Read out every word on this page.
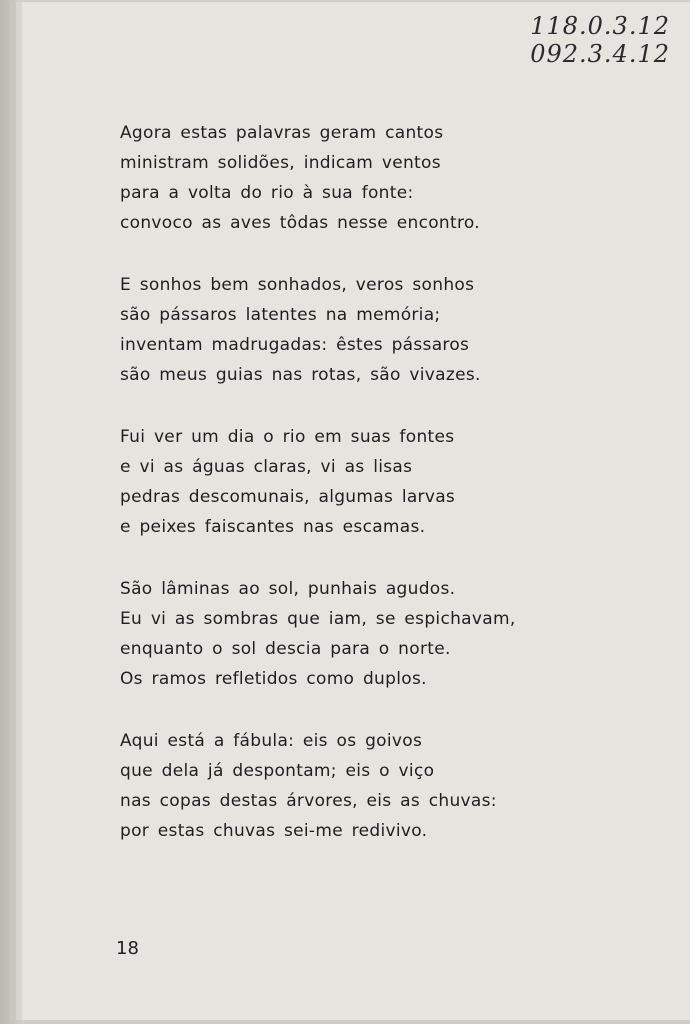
118.0.3.12
092.3.4.12
Agora estas palavras geram cantos
ministram solidões, indicam ventos
para a volta do rio à sua fonte:
convoco as aves tôdas nesse encontro.
E sonhos bem sonhados, veros sonhos
são pássaros latentes na memória;
inventam madrugadas: êstes pássaros
são meus guias nas rotas, são vivazes.
Fui ver um dia o rio em suas fontes
e vi as águas claras, vi as lisas
pedras descomunais, algumas larvas
e peixes faiscantes nas escamas.
São lâminas ao sol, punhais agudos.
Eu vi as sombras que iam, se espichavam,
enquanto o sol descia para o norte.
Os ramos refletidos como duplos.
Aqui está a fábula: eis os goivos
que dela já despontam; eis o viço
nas copas destas árvores, eis as chuvas:
por estas chuvas sei-me redivivo.
18
